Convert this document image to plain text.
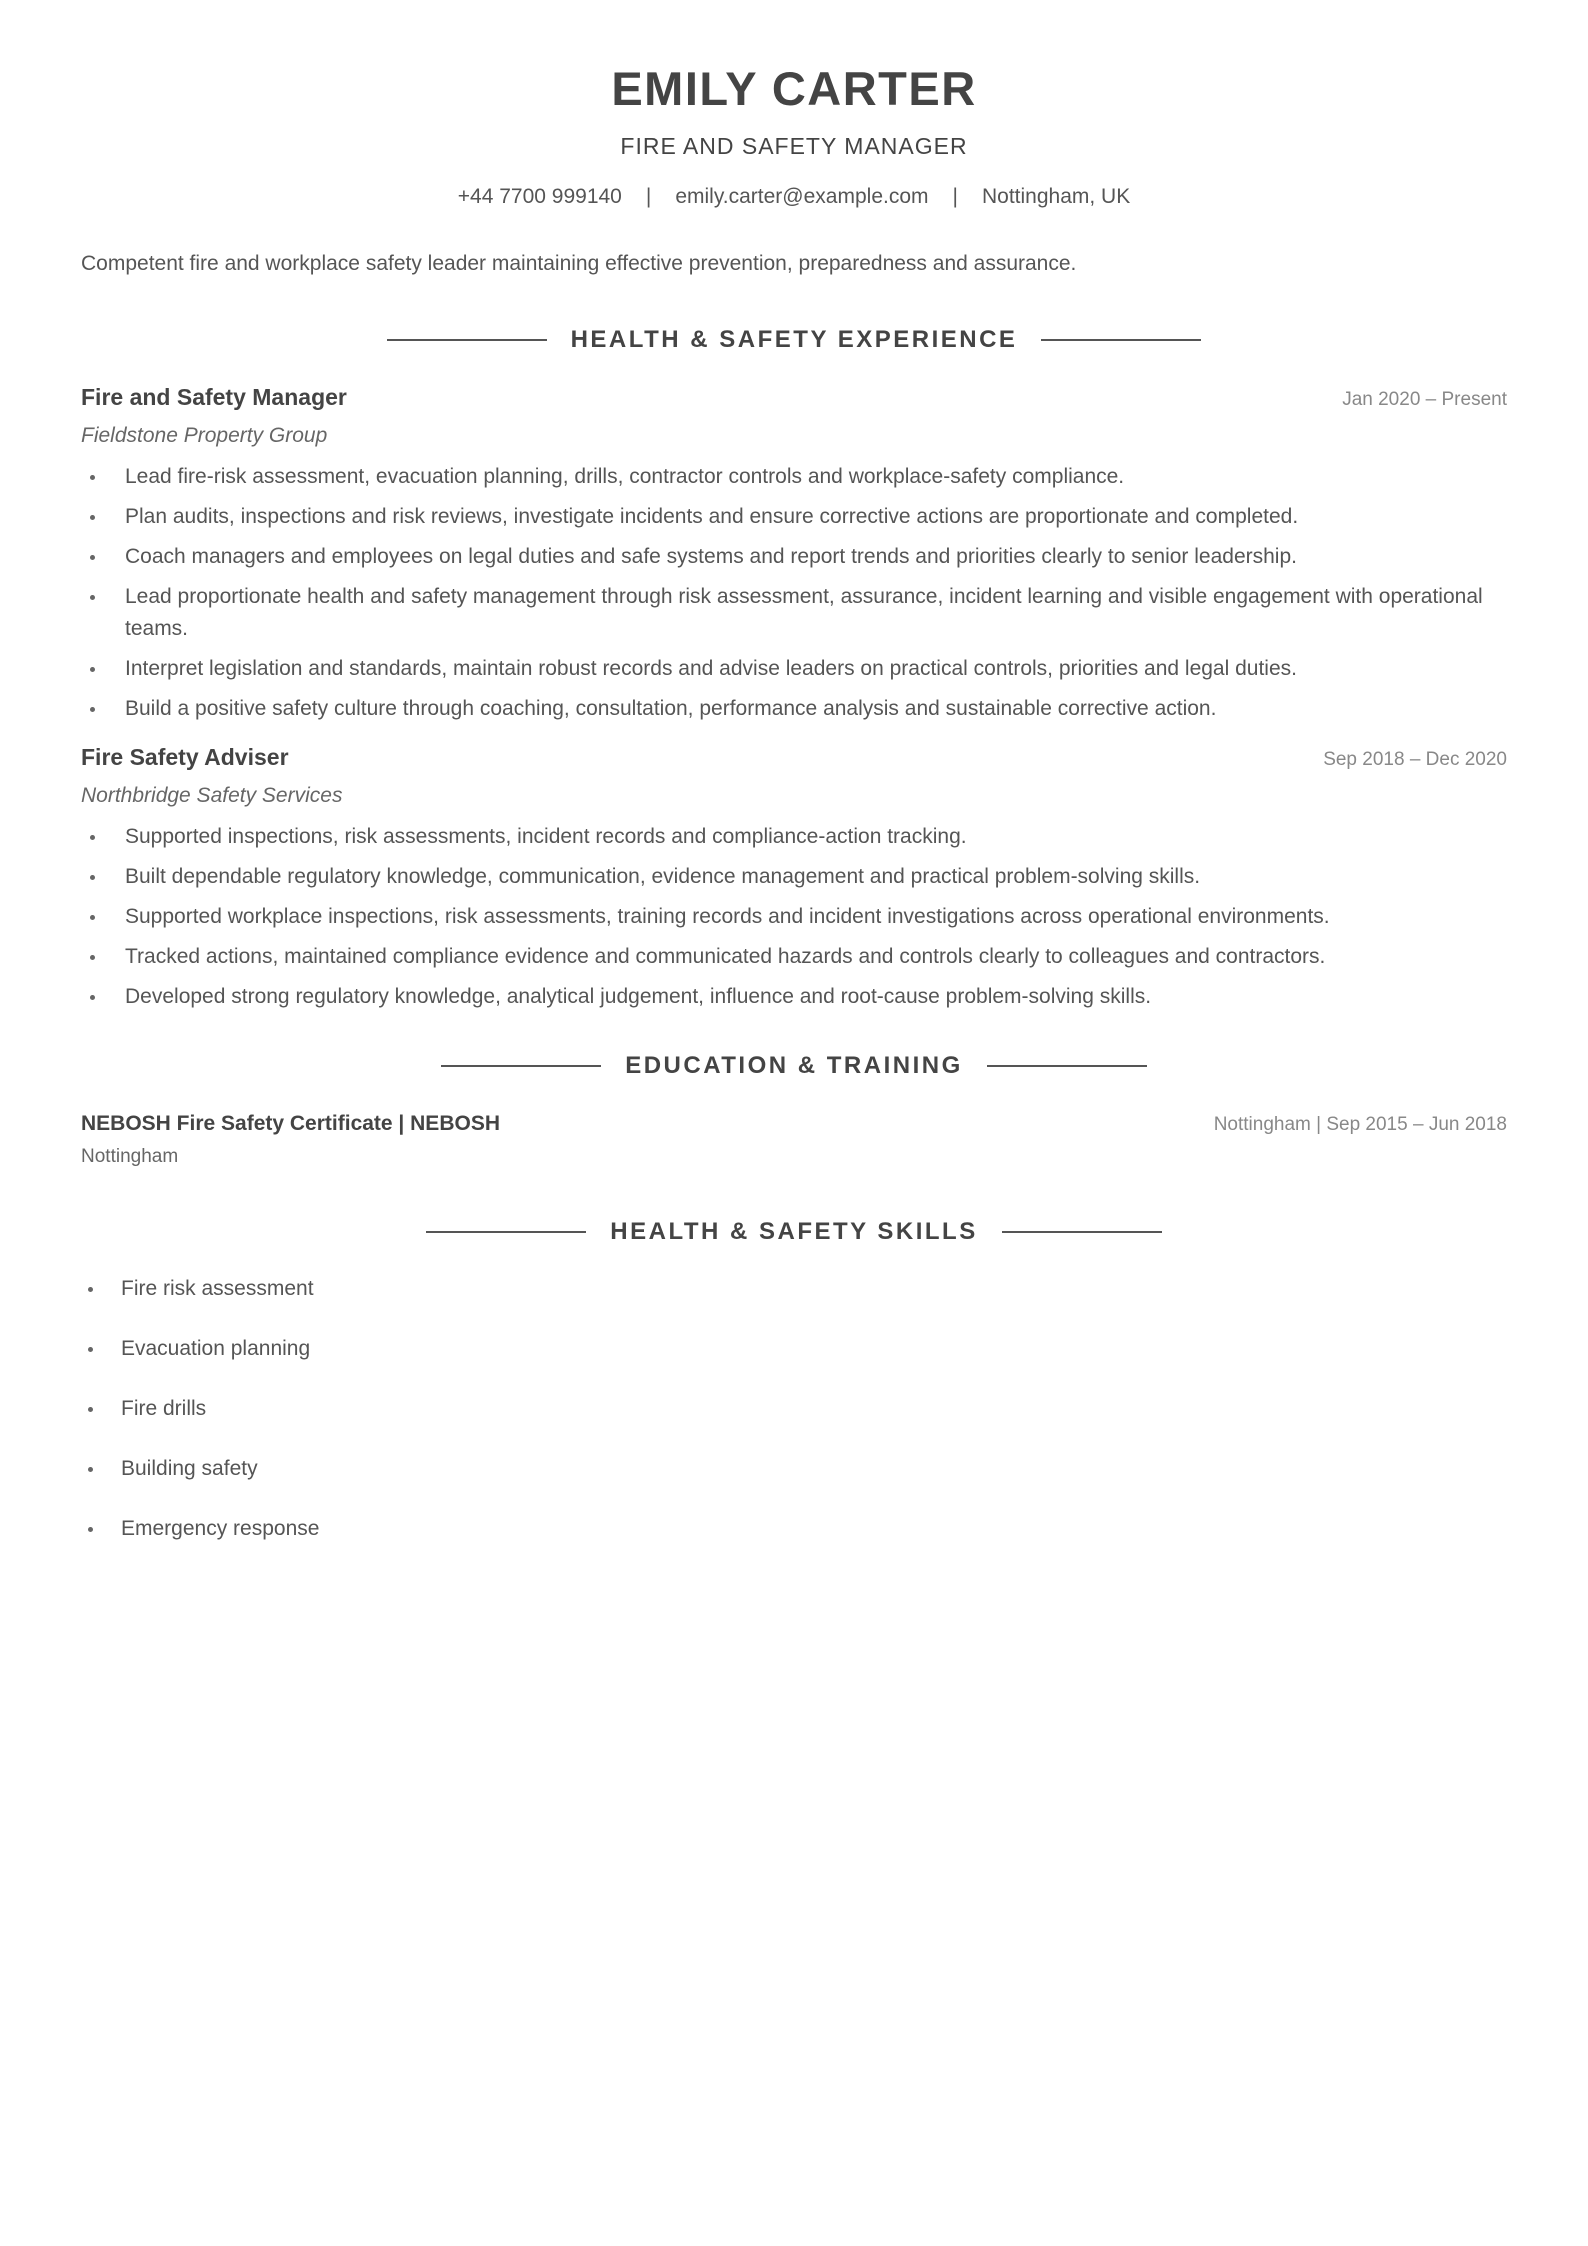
EMILY CARTER
FIRE AND SAFETY MANAGER
+44 7700 999140 | emily.carter@example.com | Nottingham, UK
Competent fire and workplace safety leader maintaining effective prevention, preparedness and assurance.
HEALTH & SAFETY EXPERIENCE
Fire and Safety Manager	Jan 2020 – Present
Fieldstone Property Group
Lead fire-risk assessment, evacuation planning, drills, contractor controls and workplace-safety compliance.
Plan audits, inspections and risk reviews, investigate incidents and ensure corrective actions are proportionate and completed.
Coach managers and employees on legal duties and safe systems and report trends and priorities clearly to senior leadership.
Lead proportionate health and safety management through risk assessment, assurance, incident learning and visible engagement with operational teams.
Interpret legislation and standards, maintain robust records and advise leaders on practical controls, priorities and legal duties.
Build a positive safety culture through coaching, consultation, performance analysis and sustainable corrective action.
Fire Safety Adviser	Sep 2018 – Dec 2020
Northbridge Safety Services
Supported inspections, risk assessments, incident records and compliance-action tracking.
Built dependable regulatory knowledge, communication, evidence management and practical problem-solving skills.
Supported workplace inspections, risk assessments, training records and incident investigations across operational environments.
Tracked actions, maintained compliance evidence and communicated hazards and controls clearly to colleagues and contractors.
Developed strong regulatory knowledge, analytical judgement, influence and root-cause problem-solving skills.
EDUCATION & TRAINING
NEBOSH Fire Safety Certificate | NEBOSH	Nottingham | Sep 2015 – Jun 2018
Nottingham
HEALTH & SAFETY SKILLS
Fire risk assessment
Evacuation planning
Fire drills
Building safety
Emergency response
